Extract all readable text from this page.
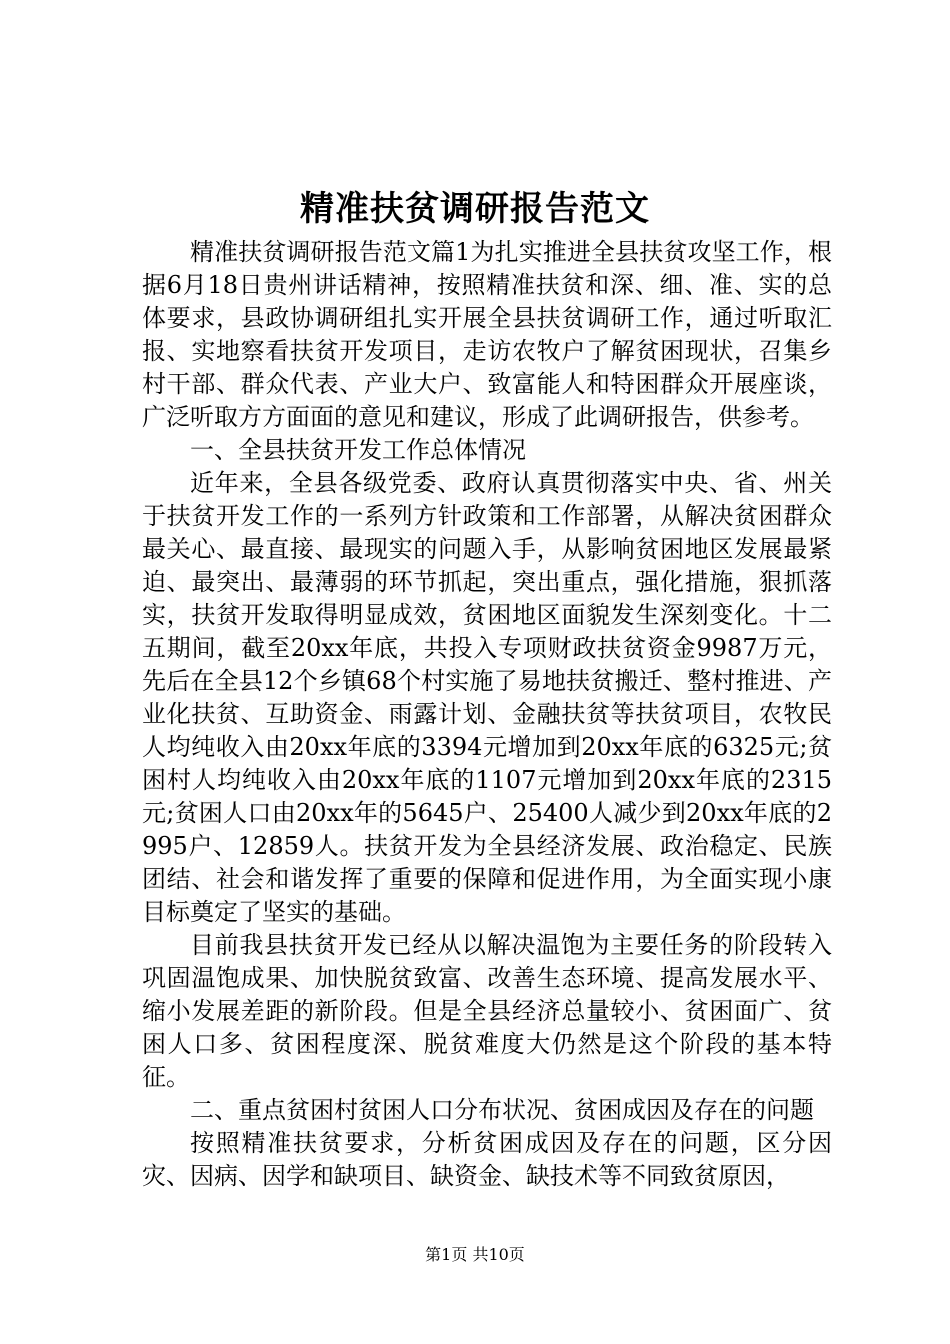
精准扶贫调研报告范文

精准扶贫调研报告范文篇1为扎实推进全县扶贫攻坚工作，根据6月18日贵州讲话精神，按照精准扶贫和深、细、准、实的总体要求，县政协调研组扎实开展全县扶贫调研工作，通过听取汇报、实地察看扶贫开发项目，走访农牧户了解贫困现状，召集乡村干部、群众代表、产业大户、致富能人和特困群众开展座谈，广泛听取方方面面的意见和建议，形成了此调研报告，供参考。

一、全县扶贫开发工作总体情况

近年来，全县各级党委、政府认真贯彻落实中央、省、州关于扶贫开发工作的一系列方针政策和工作部署，从解决贫困群众最关心、最直接、最现实的问题入手，从影响贫困地区发展最紧迫、最突出、最薄弱的环节抓起，突出重点，强化措施，狠抓落实，扶贫开发取得明显成效，贫困地区面貌发生深刻变化。十二五期间，截至20xx年底，共投入专项财政扶贫资金9987万元，先后在全县12个乡镇68个村实施了易地扶贫搬迁、整村推进、产业化扶贫、互助资金、雨露计划、金融扶贫等扶贫项目，农牧民人均纯收入由20xx年底的3394元增加到20xx年底的6325元;贫困村人均纯收入由20xx年底的1107元增加到20xx年底的2315元;贫困人口由20xx年的5645户、25400人减少到20xx年底的2995户、12859人。扶贫开发为全县经济发展、政治稳定、民族团结、社会和谐发挥了重要的保障和促进作用，为全面实现小康目标奠定了坚实的基础。

目前我县扶贫开发已经从以解决温饱为主要任务的阶段转入巩固温饱成果、加快脱贫致富、改善生态环境、提高发展水平、缩小发展差距的新阶段。但是全县经济总量较小、贫困面广、贫困人口多、贫困程度深、脱贫难度大仍然是这个阶段的基本特征。

二、重点贫困村贫困人口分布状况、贫困成因及存在的问题

按照精准扶贫要求，分析贫困成因及存在的问题，区分因灾、因病、因学和缺项目、缺资金、缺技术等不同致贫原因，

第1页 共10页
